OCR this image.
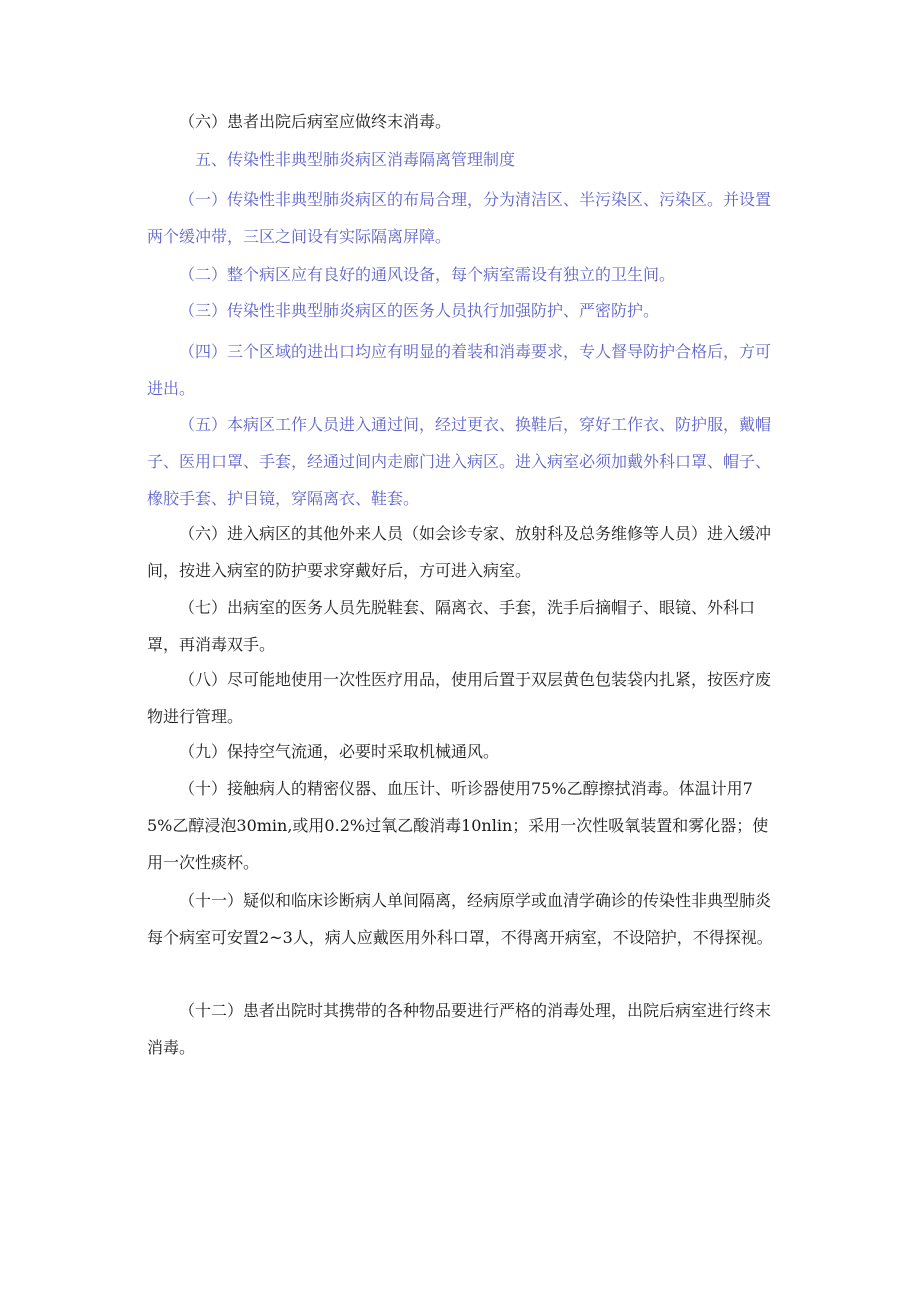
（六）患者出院后病室应做终末消毒。

五、传染性非典型肺炎病区消毒隔离管理制度

（一）传染性非典型肺炎病区的布局合理，分为清洁区、半污染区、污染区。并设置两个缓冲带，三区之间设有实际隔离屏障。

（二）整个病区应有良好的通风设备，每个病室需设有独立的卫生间。

（三）传染性非典型肺炎病区的医务人员执行加强防护、严密防护。

（四）三个区域的进出口均应有明显的着装和消毒要求，专人督导防护合格后，方可进出。

（五）本病区工作人员进入通过间，经过更衣、换鞋后，穿好工作衣、防护服，戴帽子、医用口罩、手套，经通过间内走廊门进入病区。进入病室必须加戴外科口罩、帽子、橡胶手套、护目镜，穿隔离衣、鞋套。

（六）进入病区的其他外来人员（如会诊专家、放射科及总务维修等人员）进入缓冲间，按进入病室的防护要求穿戴好后，方可进入病室。

（七）出病室的医务人员先脱鞋套、隔离衣、手套，洗手后摘帽子、眼镜、外科口罩，再消毒双手。

（八）尽可能地使用一次性医疗用品，使用后置于双层黄色包装袋内扎紧，按医疗废物进行管理。

（九）保持空气流通，必要时采取机械通风。

（十）接触病人的精密仪器、血压计、听诊器使用75%乙醇擦拭消毒。体温计用75%乙醇浸泡30min,或用0.2%过氧乙酸消毒10nlin；采用一次性吸氧装置和雾化器；使用一次性痰杯。

（十一）疑似和临床诊断病人单间隔离，经病原学或血清学确诊的传染性非典型肺炎每个病室可安置2~3人，病人应戴医用外科口罩，不得离开病室，不设陪护，不得探视。

（十二）患者出院时其携带的各种物品要进行严格的消毒处理，出院后病室进行终末消毒。
